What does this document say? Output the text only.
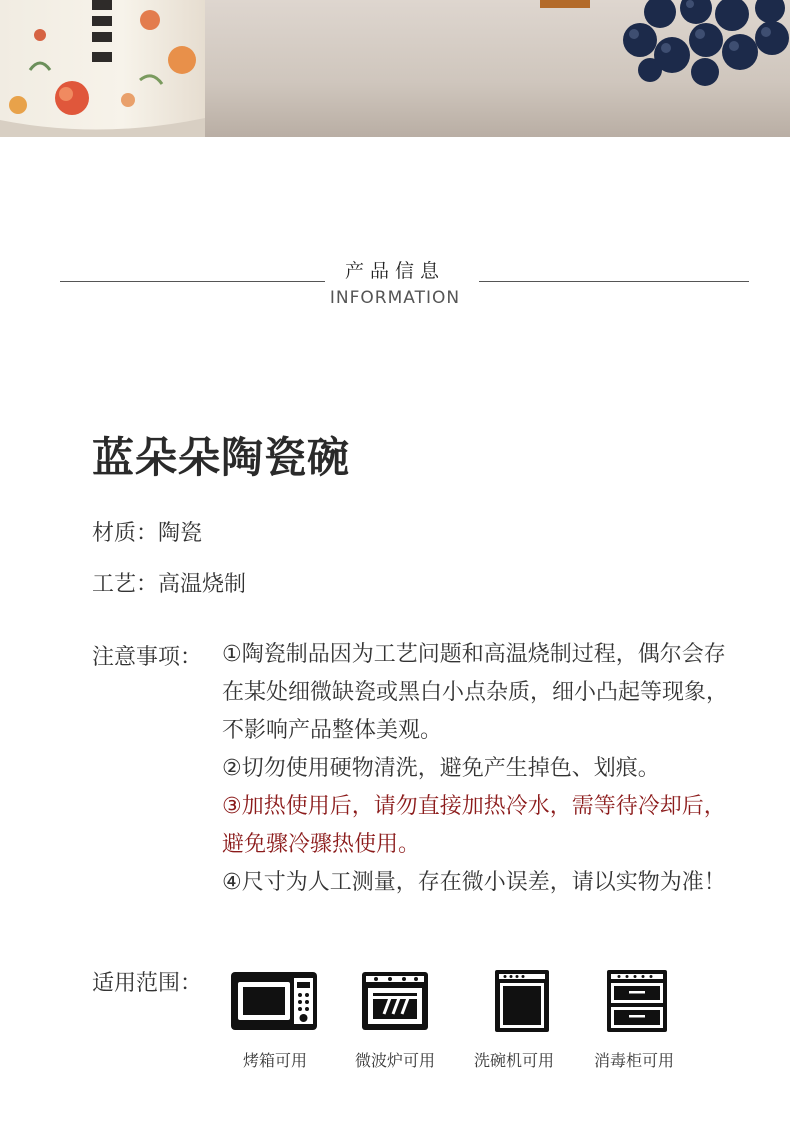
产品信息
INFORMATION
蓝朵朵陶瓷碗
材质：陶瓷
工艺：高温烧制
注意事项： ①陶瓷制品因为工艺问题和高温烧制过程，偶尔会存在某处细微缺瓷或黑白小点杂质，细小凸起等现象，不影响产品整体美观。
②切勿使用硬物清洗，避免产生掉色、划痕。
③加热使用后，请勿直接加热冷水，需等待冷却后，避免骤冷骤热使用。
④尺寸为人工测量，存在微小误差，请以实物为准！
适用范围：
烤箱可用	微波炉可用	洗碗机可用	消毒柜可用
